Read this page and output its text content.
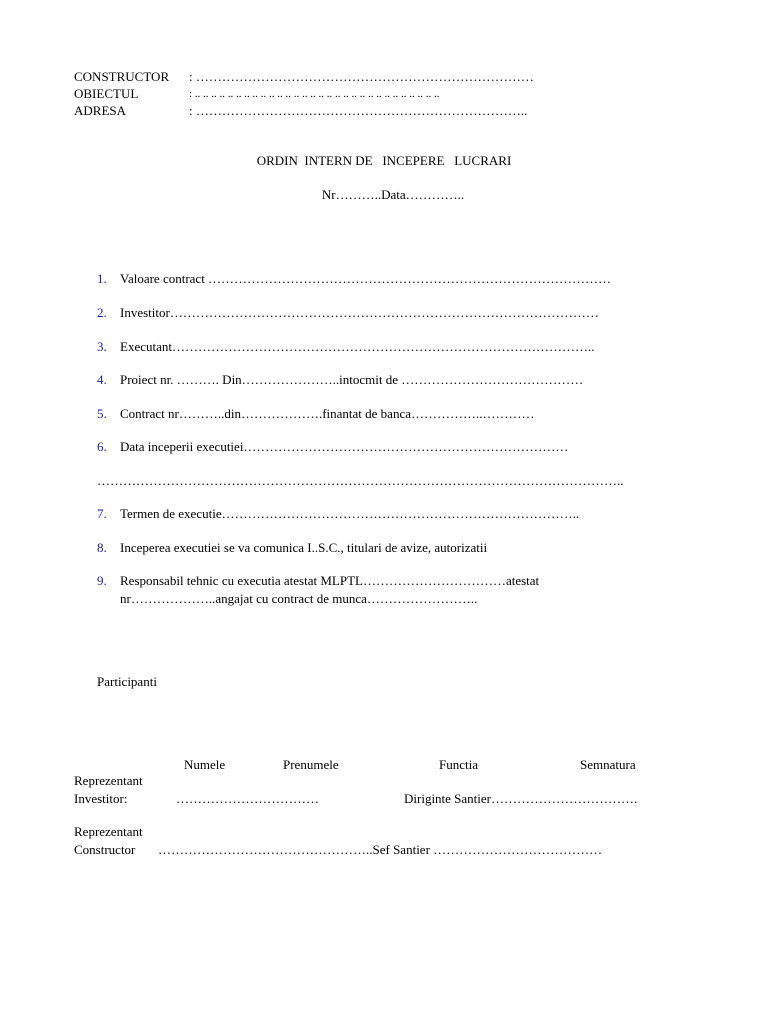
CONSTRUCTOR : ……………………………………………………………………
OBIECTUL	: .. .. .. .. .. .. .. .. .. .. .. .. .. .. .. .. .. .. .. .. .. .. .. .. .. .. .. .. .. ..
ADRESA	: …………………………………………………………………..
ORDIN  INTERN DE   INCEPERE   LUCRARI
Nr………..Data…………..
1. Valoare contract …………………………………………………………………………………
2. Investitor………………………………………………………………………………………
3. Executant……………………………………………………………………………………..
4. Proiect nr. ………. Din…………………..intocmit de ……………………………………
5. Contract nr………..din……………….finantat de banca……………..…………
6. Data inceperii executiei…………………………………………………………………
…………………………………………………………………………………………………………..
7. Termen de executie………………………………………………………………………..
8. Inceperea executiei se va comunica I..S.C., titulari de avize, autorizatii
9. Responsabil tehnic cu executia atestat MLPTL……………………………atestat
nr………………..angajat cu contract de munca……………………..
Participanti
Numele	Prenumele	Functia	Semnatura
Reprezentant
Investitor:	……………………………	Diriginte Santier…………………………….
Reprezentant
Constructor …………………………………………..Sef Santier …………………………………
